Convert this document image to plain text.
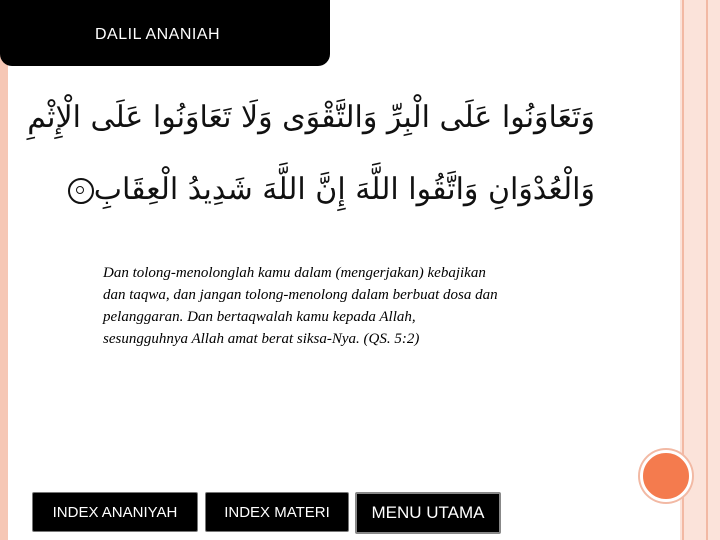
DALIL ANANIAH
وَتَعَاوَنُوا عَلَى الْبِرِّ وَالتَّقْوَى وَلَا تَعَاوَنُوا عَلَى الْإِثْمِ
وَالْعُدْوَانِ وَاتَّقُوا اللَّهَ إِنَّ اللَّهَ شَدِيدُ الْعِقَابِ
Dan tolong-menolonglah kamu dalam (mengerjakan) kebajikan
dan taqwa, dan jangan tolong-menolong dalam berbuat dosa dan
pelanggaran. Dan bertaqwalah kamu kepada Allah,
sesungguhnya Allah amat berat siksa-Nya. (QS. 5:2)
INDEX ANANIYAH	INDEX MATERI	MENU UTAMA
